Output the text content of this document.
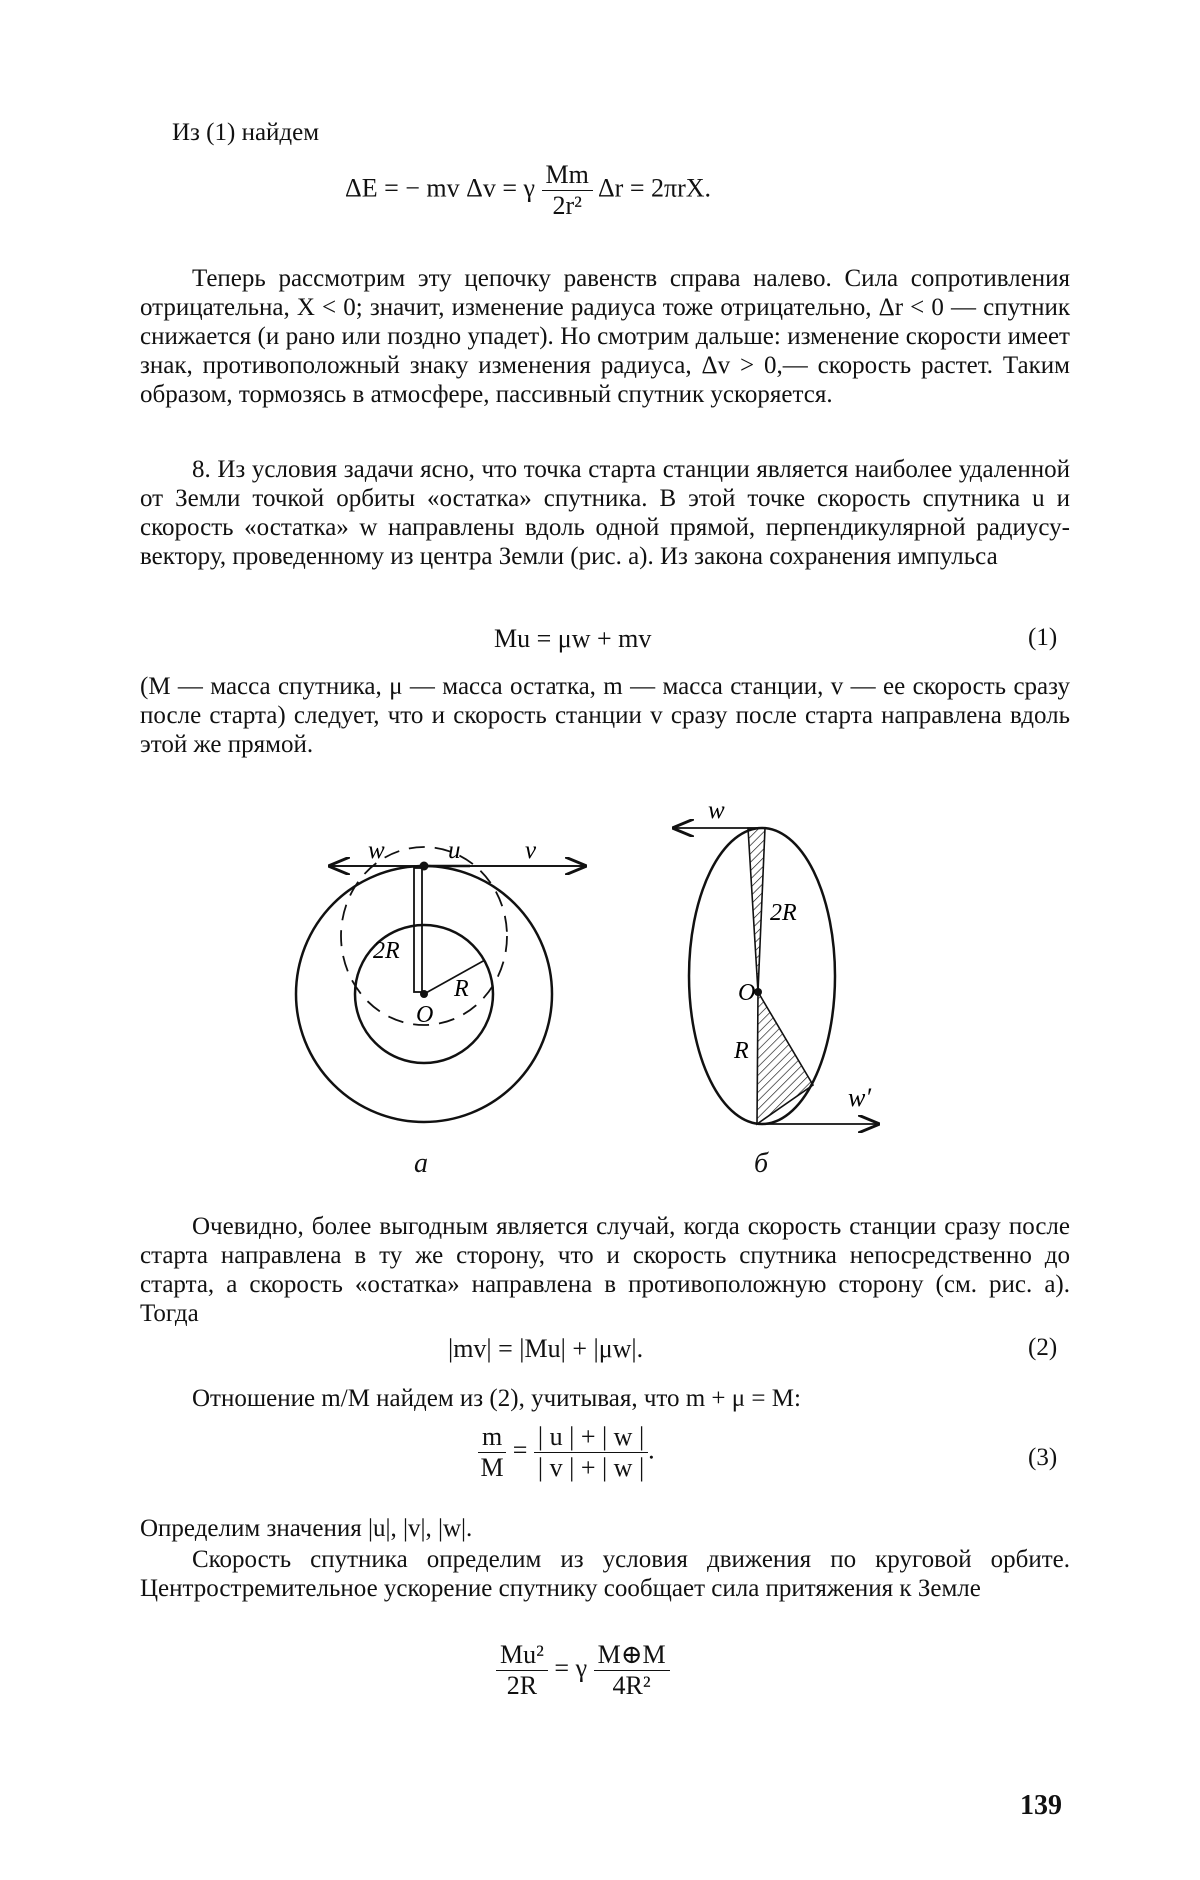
Из (1) найдем
ΔE = − mv Δv = γ $\frac{Mm}{\text{2r²}}$ Δr = 2πrX.
Теперь рассмотрим эту цепочку равенств справа налево. Сила сопротивления отрицательна, X < 0; значит, изменение радиуса тоже отрицательно, Δr < 0 — спутник снижается (и рано или поздно упадет). Но смотрим дальше: изменение скорости имеет знак, противоположный знаку изменения радиуса, Δv > 0,— скорость растет. Таким образом, тормозясь в атмосфере, пассивный спутник ускоряется.
8. Из условия задачи ясно, что точка старта станции является наиболее удаленной от Земли точкой орбиты «остатка» спутника. В этой точке скорость спутника u и скорость «остатка» w направлены вдоль одной прямой, перпендикулярной радиусу-вектору, проведенному из центра Земли (рис. а). Из закона сохранения импульса
Mu = μw + mv	(1)
(M — масса спутника, μ — масса остатка, m — масса станции, v — ее скорость сразу после старта) следует, что и скорость станции v сразу после старта направлена вдоль этой же прямой.
w	u	v
2R
R
O
w
2R
O
R
w′
а	б
Очевидно, более выгодным является случай, когда скорость станции сразу после старта направлена в ту же сторону, что и скорость спутника непосредственно до старта, а скорость «остатка» направлена в противоположную сторону (см. рис. а). Тогда
|mv| = |Mu| + |μw|.	(2)
Отношение m/M найдем из (2), учитывая, что m + μ = M:
$\frac{m}{M} = \frac{| u | + | w |}{| v | + | w |}$ .	(3)
Определим значения |u|, |v|, |w|.
Скорость спутника определим из условия движения по круговой орбите. Центростремительное ускорение спутнику сообщает сила притяжения к Земле
$\frac{\text{Mu²}}{2R} = \gamma \frac{M\oplus M}{\text{4R²}}$
139
